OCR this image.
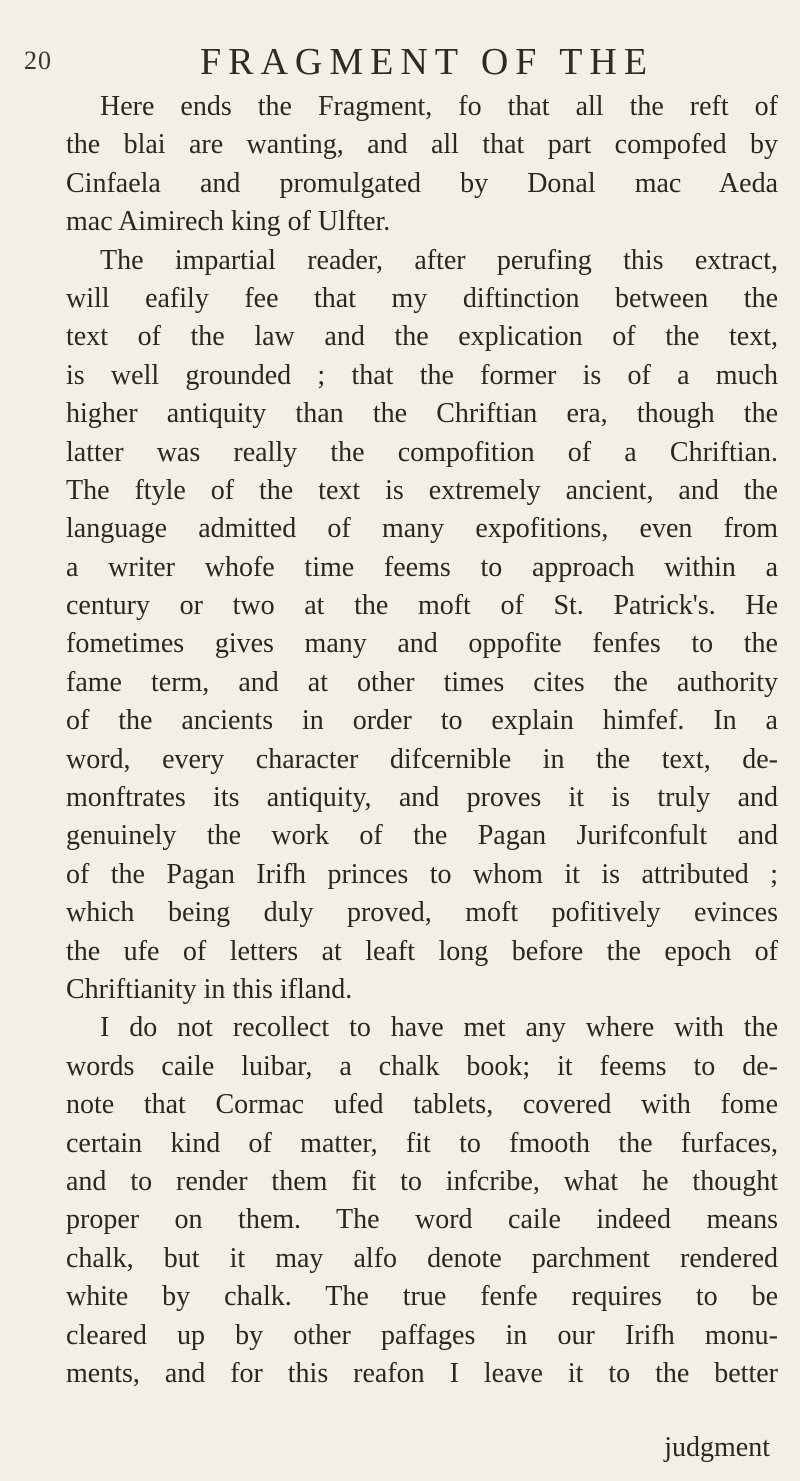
20	FRAGMENT OF THE
Here ends the Fragment, fo that all the reft of
the blai are wanting, and all that part compofed by
Cinfaela and promulgated by Donal mac Aeda
mac Aimirech king of Ulfter.
The impartial reader, after perufing this extract,
will eafily fee that my diftinction between the
text of the law and the explication of the text,
is well grounded ; that the former is of a much
higher antiquity than the Chriftian era, though the
latter was really the compofition of a Chriftian.
The ftyle of the text is extremely ancient, and the
language admitted of many expofitions, even from
a writer whofe time feems to approach within a
century or two at the moft of St. Patrick's. He
fometimes gives many and oppofite fenfes to the
fame term, and at other times cites the authority
of the ancients in order to explain himfef. In a
word, every character difcernible in the text, de-
monftrates its antiquity, and proves it is truly and
genuinely the work of the Pagan Jurifconfult and
of the Pagan Irifh princes to whom it is attributed ;
which being duly proved, moft pofitively evinces
the ufe of letters at leaft long before the epoch of
Chriftianity in this ifland.
I do not recollect to have met any where with the
words caile luibar, a chalk book; it feems to de-
note that Cormac ufed tablets, covered with fome
certain kind of matter, fit to fmooth the furfaces,
and to render them fit to infcribe, what he thought
proper on them. The word caile indeed means
chalk, but it may alfo denote parchment rendered
white by chalk. The true fenfe requires to be
cleared up by other paffages in our Irifh monu-
ments, and for this reafon I leave it to the better
judgment
